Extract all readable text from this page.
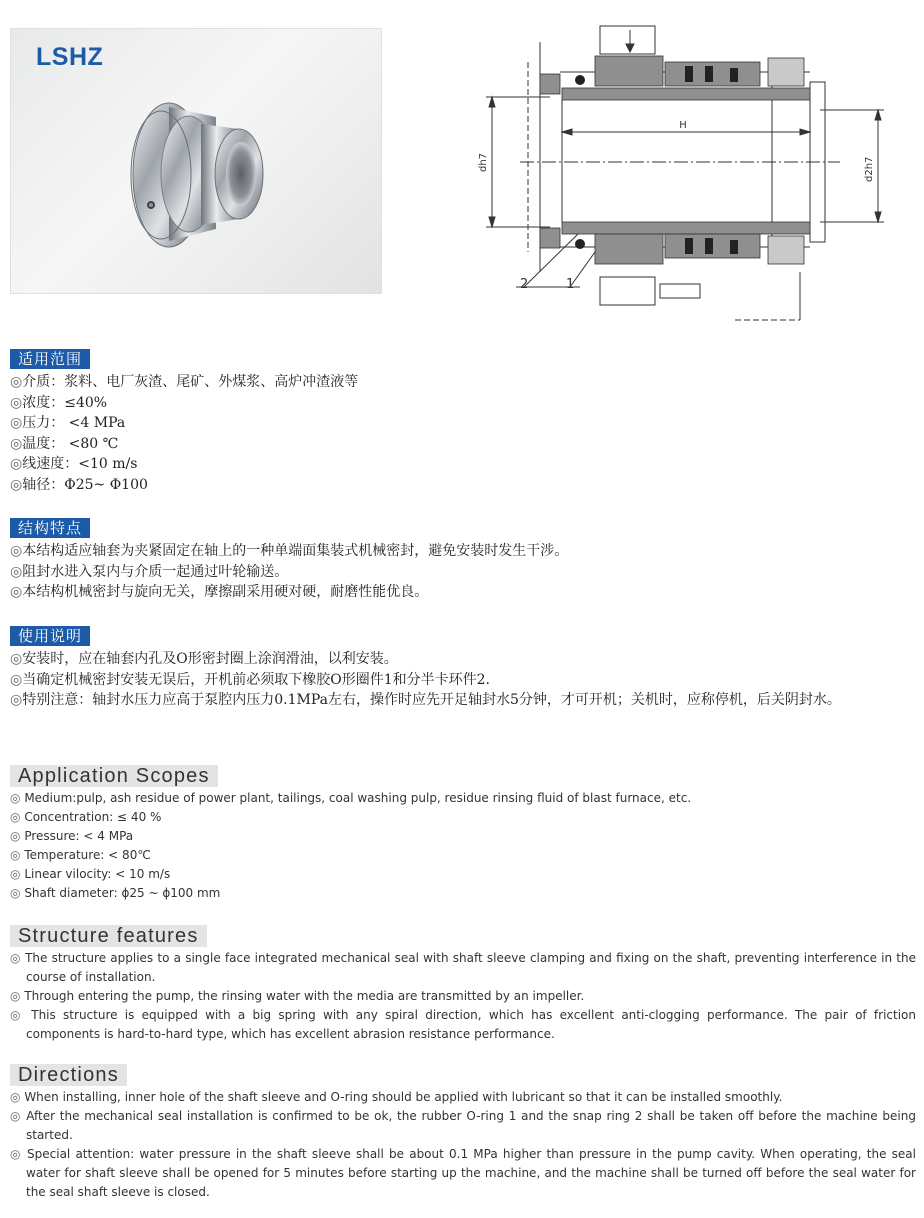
LSHZ
H
dh7	d2h7
2	1
适用范围
◎介质：浆料、电厂灰渣、尾矿、外煤浆、高炉冲渣液等
◎浓度：≤40%
◎压力： <4 MPa
◎温度： <80 ℃
◎线速度：<10 m/s
◎轴径：Φ25~ Φ100
结构特点
◎本结构适应轴套为夹紧固定在轴上的一种单端面集装式机械密封，避免安装时发生干涉。
◎阻封水进入泵内与介质一起通过叶轮输送。
◎本结构机械密封与旋向无关，摩擦副采用硬对硬，耐磨性能优良。
使用说明
◎安装时，应在轴套内孔及O形密封圈上涂润滑油，以利安装。
◎当确定机械密封安装无误后，开机前必须取下橡胶O形圈件1和分半卡环件2.
◎特别注意：轴封水压力应高于泵腔内压力0.1MPa左右，操作时应先开足轴封水5分钟，才可开机；关机时，应称停机，后关阴封水。
Application Scopes
◎ Medium:pulp, ash residue of power plant, tailings, coal washing pulp, residue rinsing fluid of blast furnace, etc.
◎ Concentration: ≤ 40 %
◎ Pressure: < 4 MPa
◎ Temperature: < 80℃
◎ Linear vilocity: < 10 m/s
◎ Shaft diameter: ϕ25 ~ ϕ100 mm
Structure features
◎ The structure applies to a single face integrated mechanical seal with shaft sleeve clamping and fixing on the shaft, preventing interference in the course of installation.
◎ Through entering the pump, the rinsing water with the media are transmitted by an impeller.
◎ This structure is equipped with a big spring with any spiral direction, which has excellent anti-clogging performance. The pair of friction components is hard-to-hard type, which has excellent abrasion resistance performance.
Directions
◎ When installing, inner hole of the shaft sleeve and O-ring should be applied with lubricant so that it can be installed smoothly.
◎ After the mechanical seal installation is confirmed to be ok, the rubber O-ring 1 and the snap ring 2 shall be taken off before the machine being started.
◎ Special attention: water pressure in the shaft sleeve shall be about 0.1 MPa higher than pressure in the pump cavity. When operating, the seal water for shaft sleeve shall be opened for 5 minutes before starting up the machine, and the machine shall be turned off before the seal water for the seal shaft sleeve is closed.
